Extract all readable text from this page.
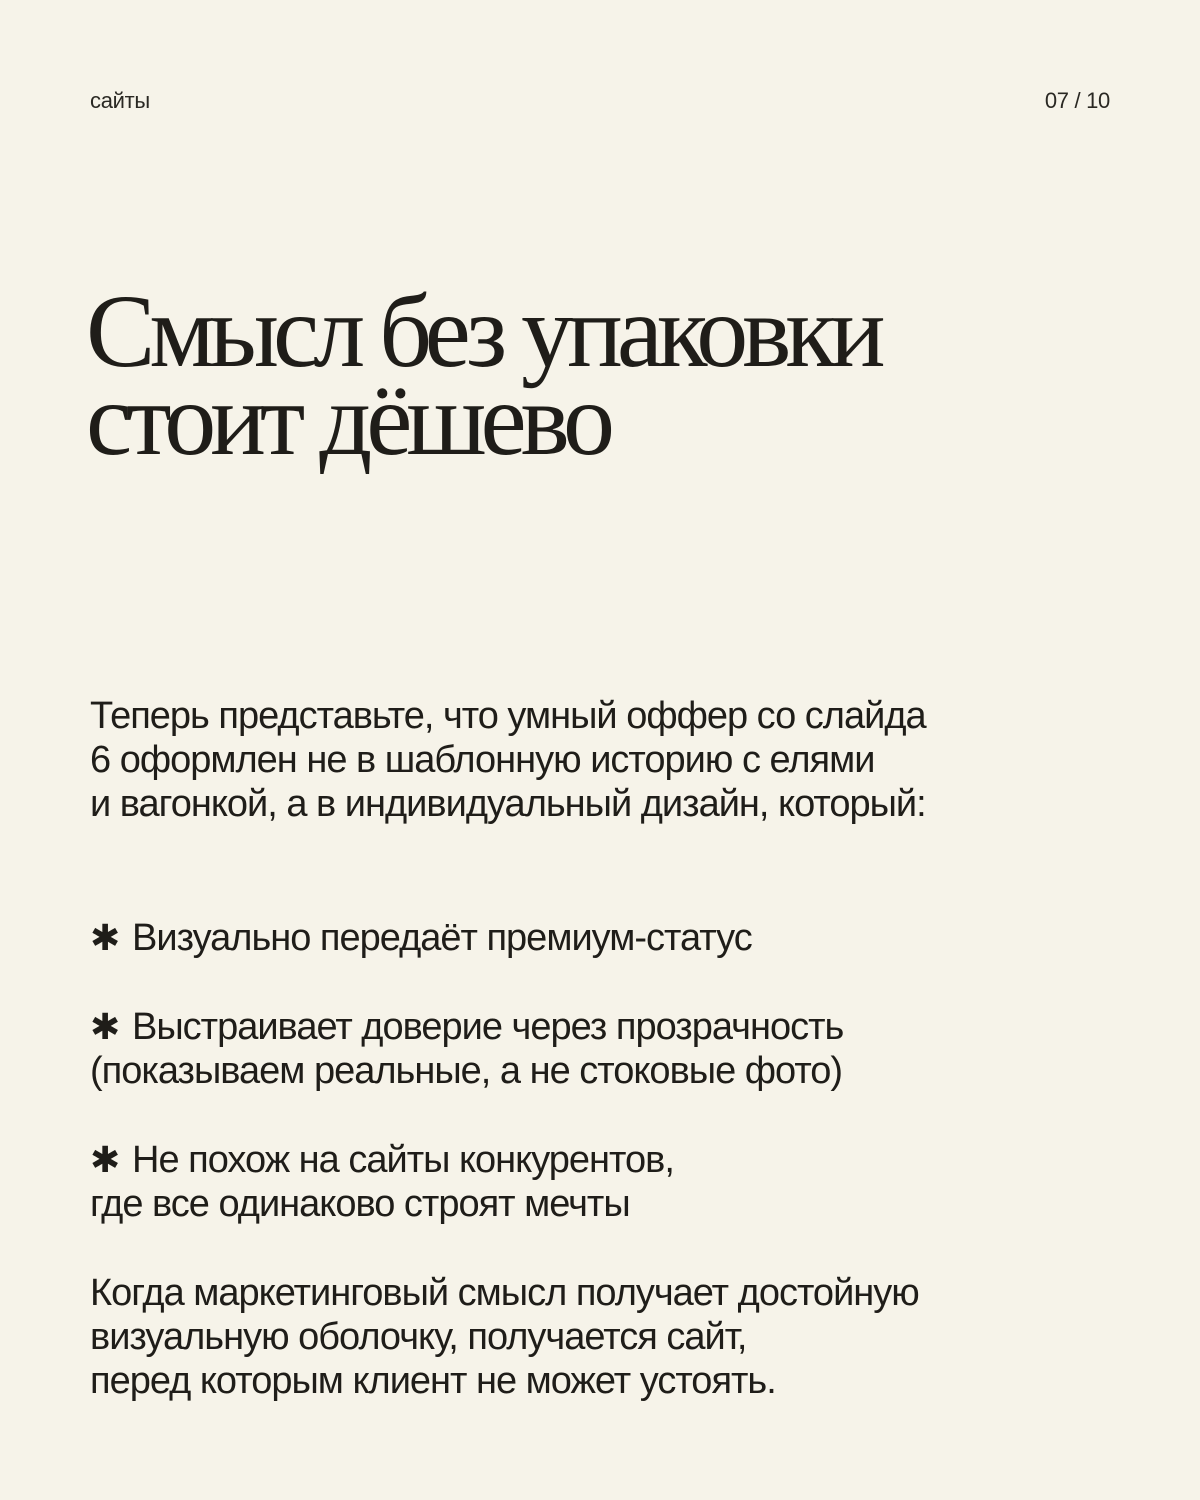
сайты	07 / 10
Смысл без упаковки
стоит дёшево

Теперь представьте, что умный оффер со слайда
6 оформлен не в шаблонную историю с елями
и вагонкой, а в индивидуальный дизайн, который:

✱ Визуально передаёт премиум-статус

✱ Выстраивает доверие через прозрачность
(показываем реальные, а не стоковые фото)

✱ Не похож на сайты конкурентов,
где все одинаково строят мечты

Когда маркетинговый смысл получает достойную
визуальную оболочку, получается сайт,
перед которым клиент не может устоять.
